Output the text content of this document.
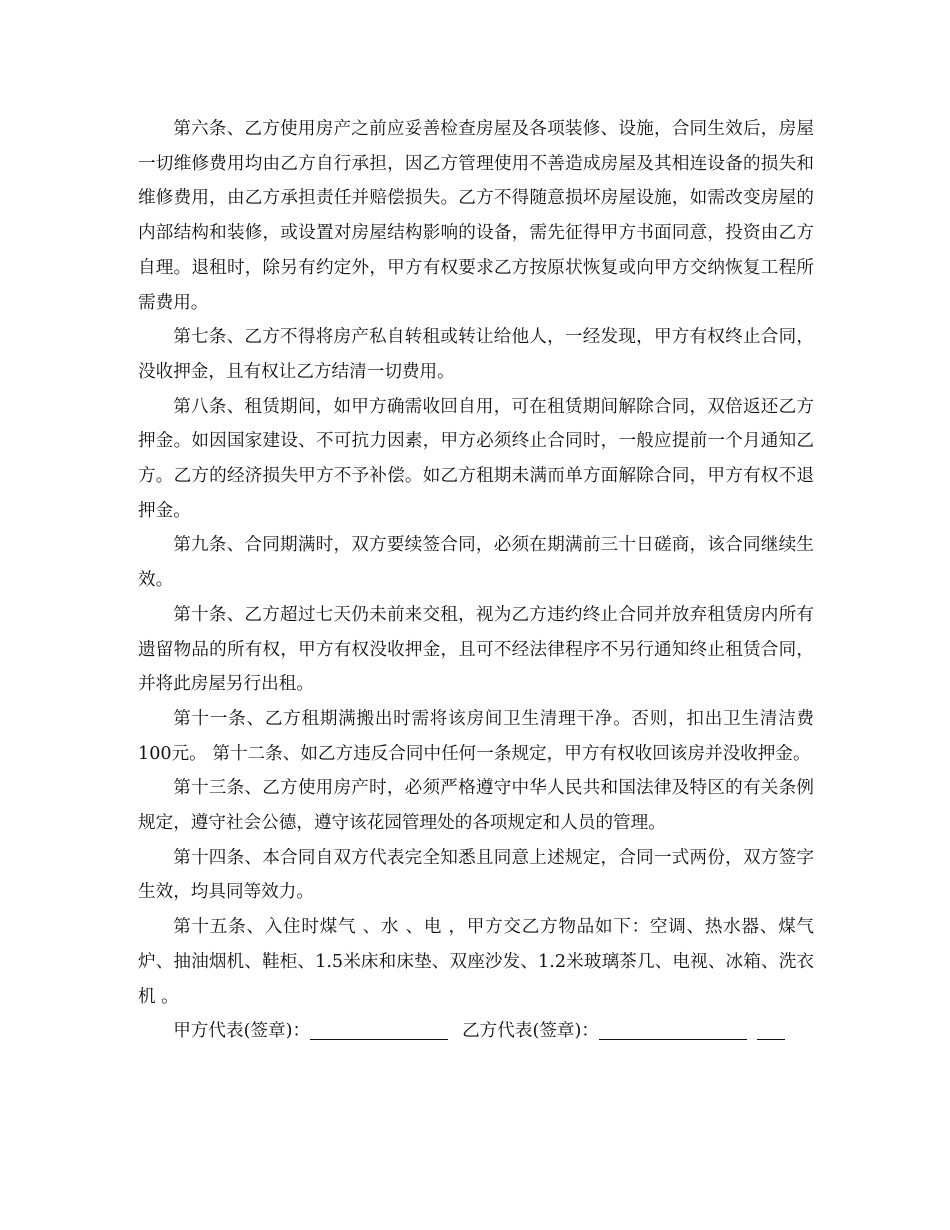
第六条、乙方使用房产之前应妥善检查房屋及各项装修、设施，合同生效后，房屋一切维修费用均由乙方自行承担，因乙方管理使用不善造成房屋及其相连设备的损失和维修费用，由乙方承担责任并赔偿损失。乙方不得随意损坏房屋设施，如需改变房屋的内部结构和装修，或设置对房屋结构影响的设备，需先征得甲方书面同意，投资由乙方自理。退租时，除另有约定外，甲方有权要求乙方按原状恢复或向甲方交纳恢复工程所需费用。

第七条、乙方不得将房产私自转租或转让给他人，一经发现，甲方有权终止合同，没收押金，且有权让乙方结清一切费用。

第八条、租赁期间，如甲方确需收回自用，可在租赁期间解除合同，双倍返还乙方押金。如因国家建设、不可抗力因素，甲方必须终止合同时，一般应提前一个月通知乙方。乙方的经济损失甲方不予补偿。如乙方租期未满而单方面解除合同，甲方有权不退押金。

第九条、合同期满时，双方要续签合同，必须在期满前三十日磋商，该合同继续生效。

第十条、乙方超过七天仍未前来交租，视为乙方违约终止合同并放弃租赁房内所有遗留物品的所有权，甲方有权没收押金，且可不经法律程序不另行通知终止租赁合同，并将此房屋另行出租。

第十一条、乙方租期满搬出时需将该房间卫生清理干净。否则，扣出卫生清洁费100元。 第十二条、如乙方违反合同中任何一条规定，甲方有权收回该房并没收押金。

第十三条、乙方使用房产时，必须严格遵守中华人民共和国法律及特区的有关条例规定，遵守社会公德，遵守该花园管理处的各项规定和人员的管理。

第十四条、本合同自双方代表完全知悉且同意上述规定，合同一式两份，双方签字生效，均具同等效力。

第十五条、入住时煤气 、水 、电 ，甲方交乙方物品如下：空调、热水器、煤气炉、抽油烟机、鞋柜、1.5米床和床垫、双座沙发、1.2米玻璃茶几、电视、冰箱、洗衣机 。

甲方代表(签章)：	乙方代表(签章)：
